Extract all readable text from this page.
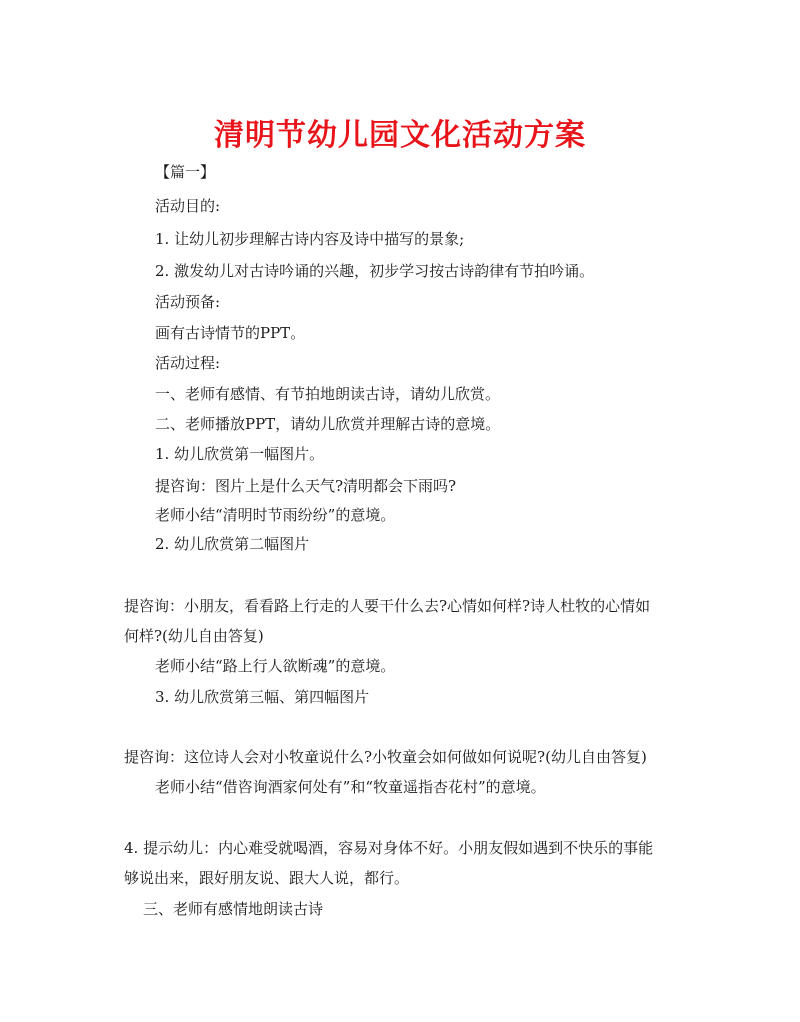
清明节幼儿园文化活动方案

【篇一】

活动目的:

1. 让幼儿初步理解古诗内容及诗中描写的景象;

2. 激发幼儿对古诗吟诵的兴趣，初步学习按古诗韵律有节拍吟诵。

活动预备:

画有古诗情节的PPT。

活动过程:

一、老师有感情、有节拍地朗读古诗，请幼儿欣赏。

二、老师播放PPT，请幼儿欣赏并理解古诗的意境。

1. 幼儿欣赏第一幅图片。

提咨询：图片上是什么天气?清明都会下雨吗?

老师小结“清明时节雨纷纷”的意境。

2. 幼儿欣赏第二幅图片

提咨询：小朋友，看看路上行走的人要干什么去?心情如何样?诗人杜牧的心情如

何样?(幼儿自由答复)

老师小结“路上行人欲断魂”的意境。

3. 幼儿欣赏第三幅、第四幅图片

提咨询：这位诗人会对小牧童说什么?小牧童会如何做如何说呢?(幼儿自由答复)

老师小结“借咨询酒家何处有”和“牧童遥指杏花村”的意境。

4. 提示幼儿：内心难受就喝酒，容易对身体不好。小朋友假如遇到不快乐的事能

够说出来，跟好朋友说、跟大人说，都行。

三、老师有感情地朗读古诗
